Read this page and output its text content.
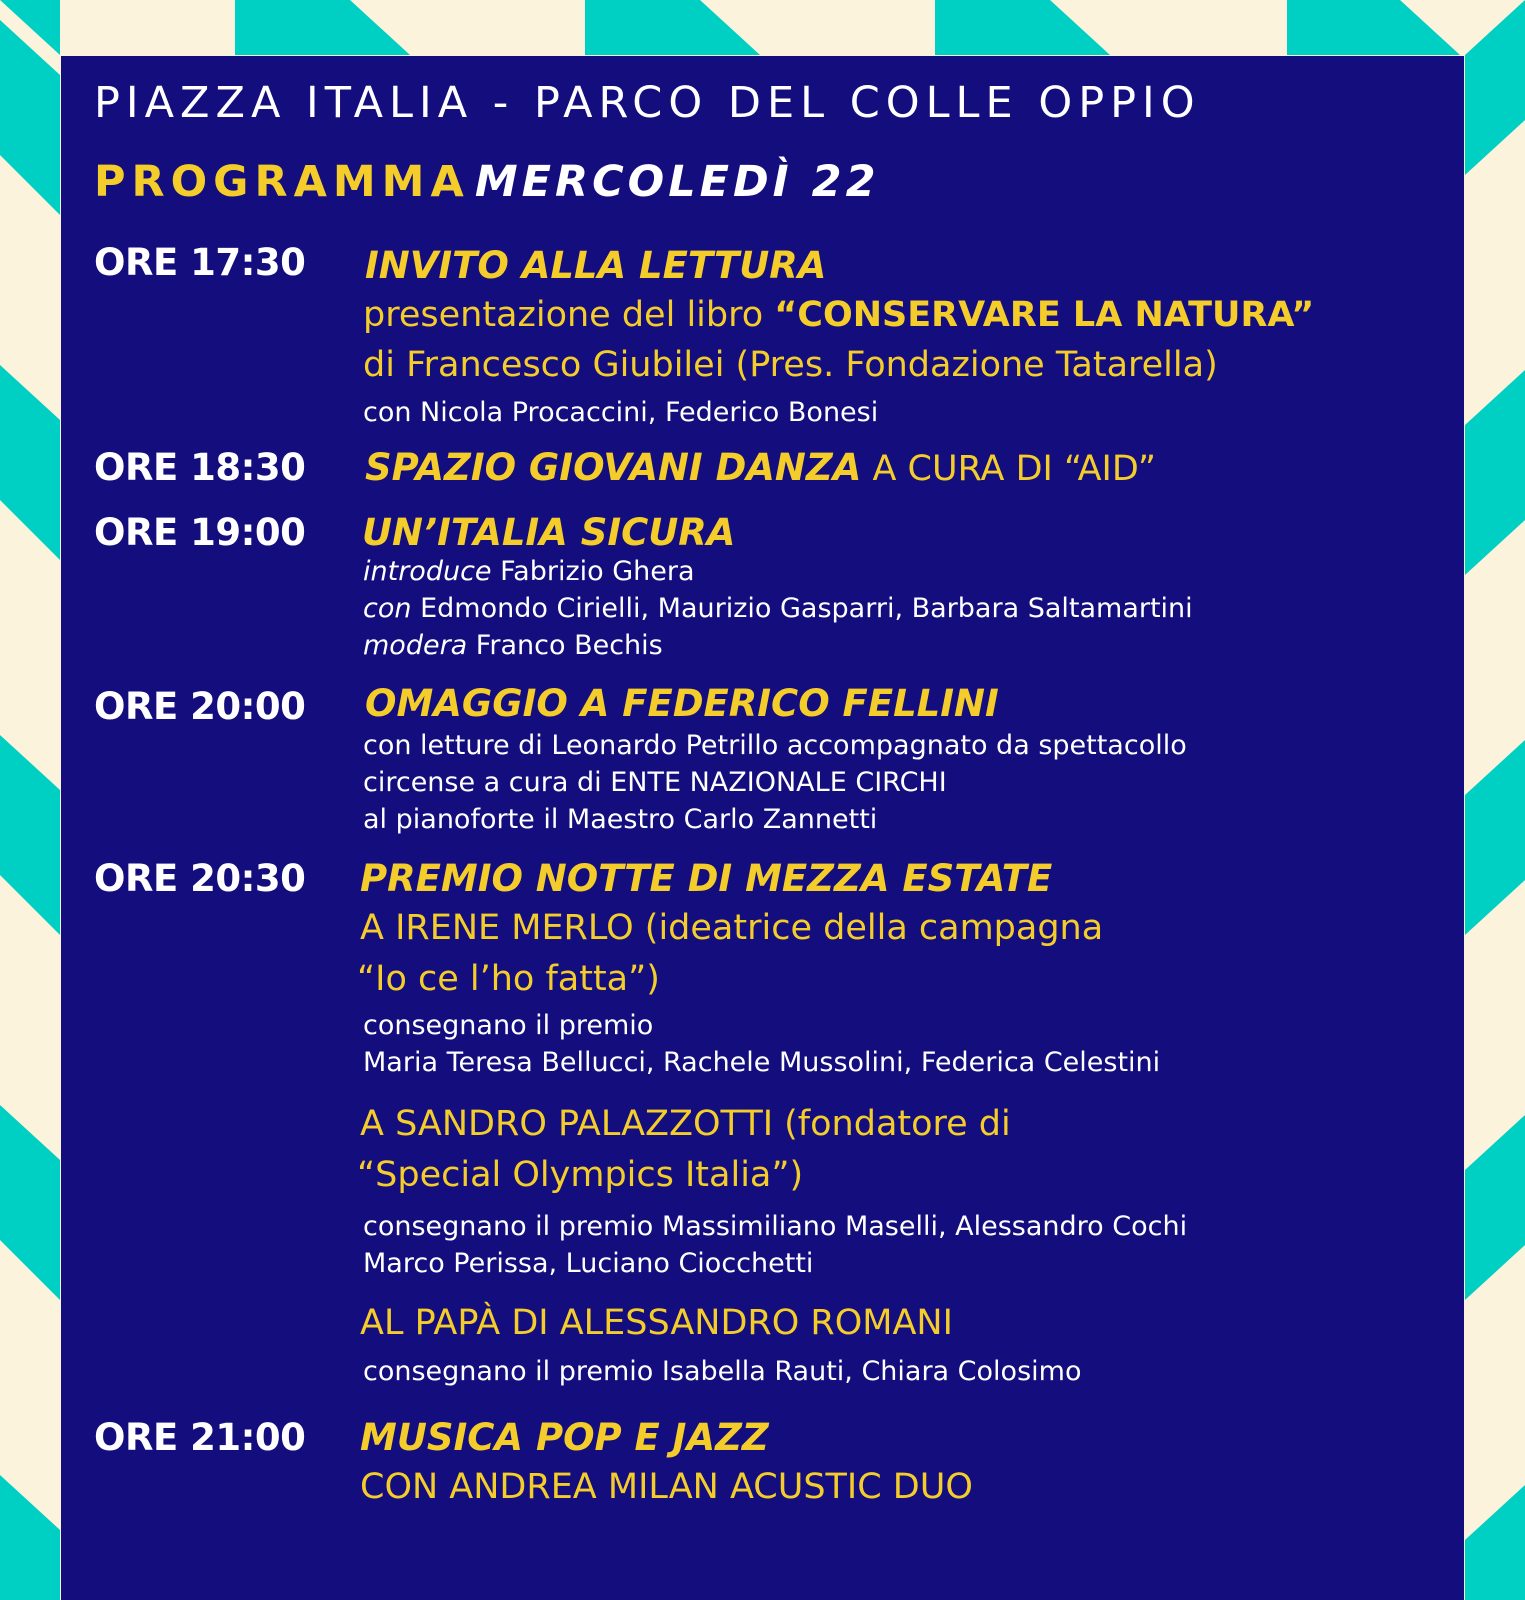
PIAZZA ITALIA - PARCO DEL COLLE OPPIO
PROGRAMMA MERCOLEDÌ 22
ORE 17:30 INVITO ALLA LETTURA
presentazione del libro “CONSERVARE LA NATURA”
di Francesco Giubilei (Pres. Fondazione Tatarella)
con Nicola Procaccini, Federico Bonesi
ORE 18:30 SPAZIO GIOVANI DANZA A CURA DI “AID”
ORE 19:00 UN’ITALIA SICURA
introduce Fabrizio Ghera
con Edmondo Cirielli, Maurizio Gasparri, Barbara Saltamartini
modera Franco Bechis
ORE 20:00 OMAGGIO A FEDERICO FELLINI
con letture di Leonardo Petrillo accompagnato da spettacollo
circense a cura di ENTE NAZIONALE CIRCHI
al pianoforte il Maestro Carlo Zannetti
ORE 20:30 PREMIO NOTTE DI MEZZA ESTATE
A IRENE MERLO (ideatrice della campagna
“Io ce l’ho fatta”)
consegnano il premio
Maria Teresa Bellucci, Rachele Mussolini, Federica Celestini
A SANDRO PALAZZOTTI (fondatore di
“Special Olympics Italia”)
consegnano il premio Massimiliano Maselli, Alessandro Cochi
Marco Perissa, Luciano Ciocchetti
AL PAPÀ DI ALESSANDRO ROMANI
consegnano il premio Isabella Rauti, Chiara Colosimo
ORE 21:00 MUSICA POP E JAZZ
CON ANDREA MILAN ACUSTIC DUO
